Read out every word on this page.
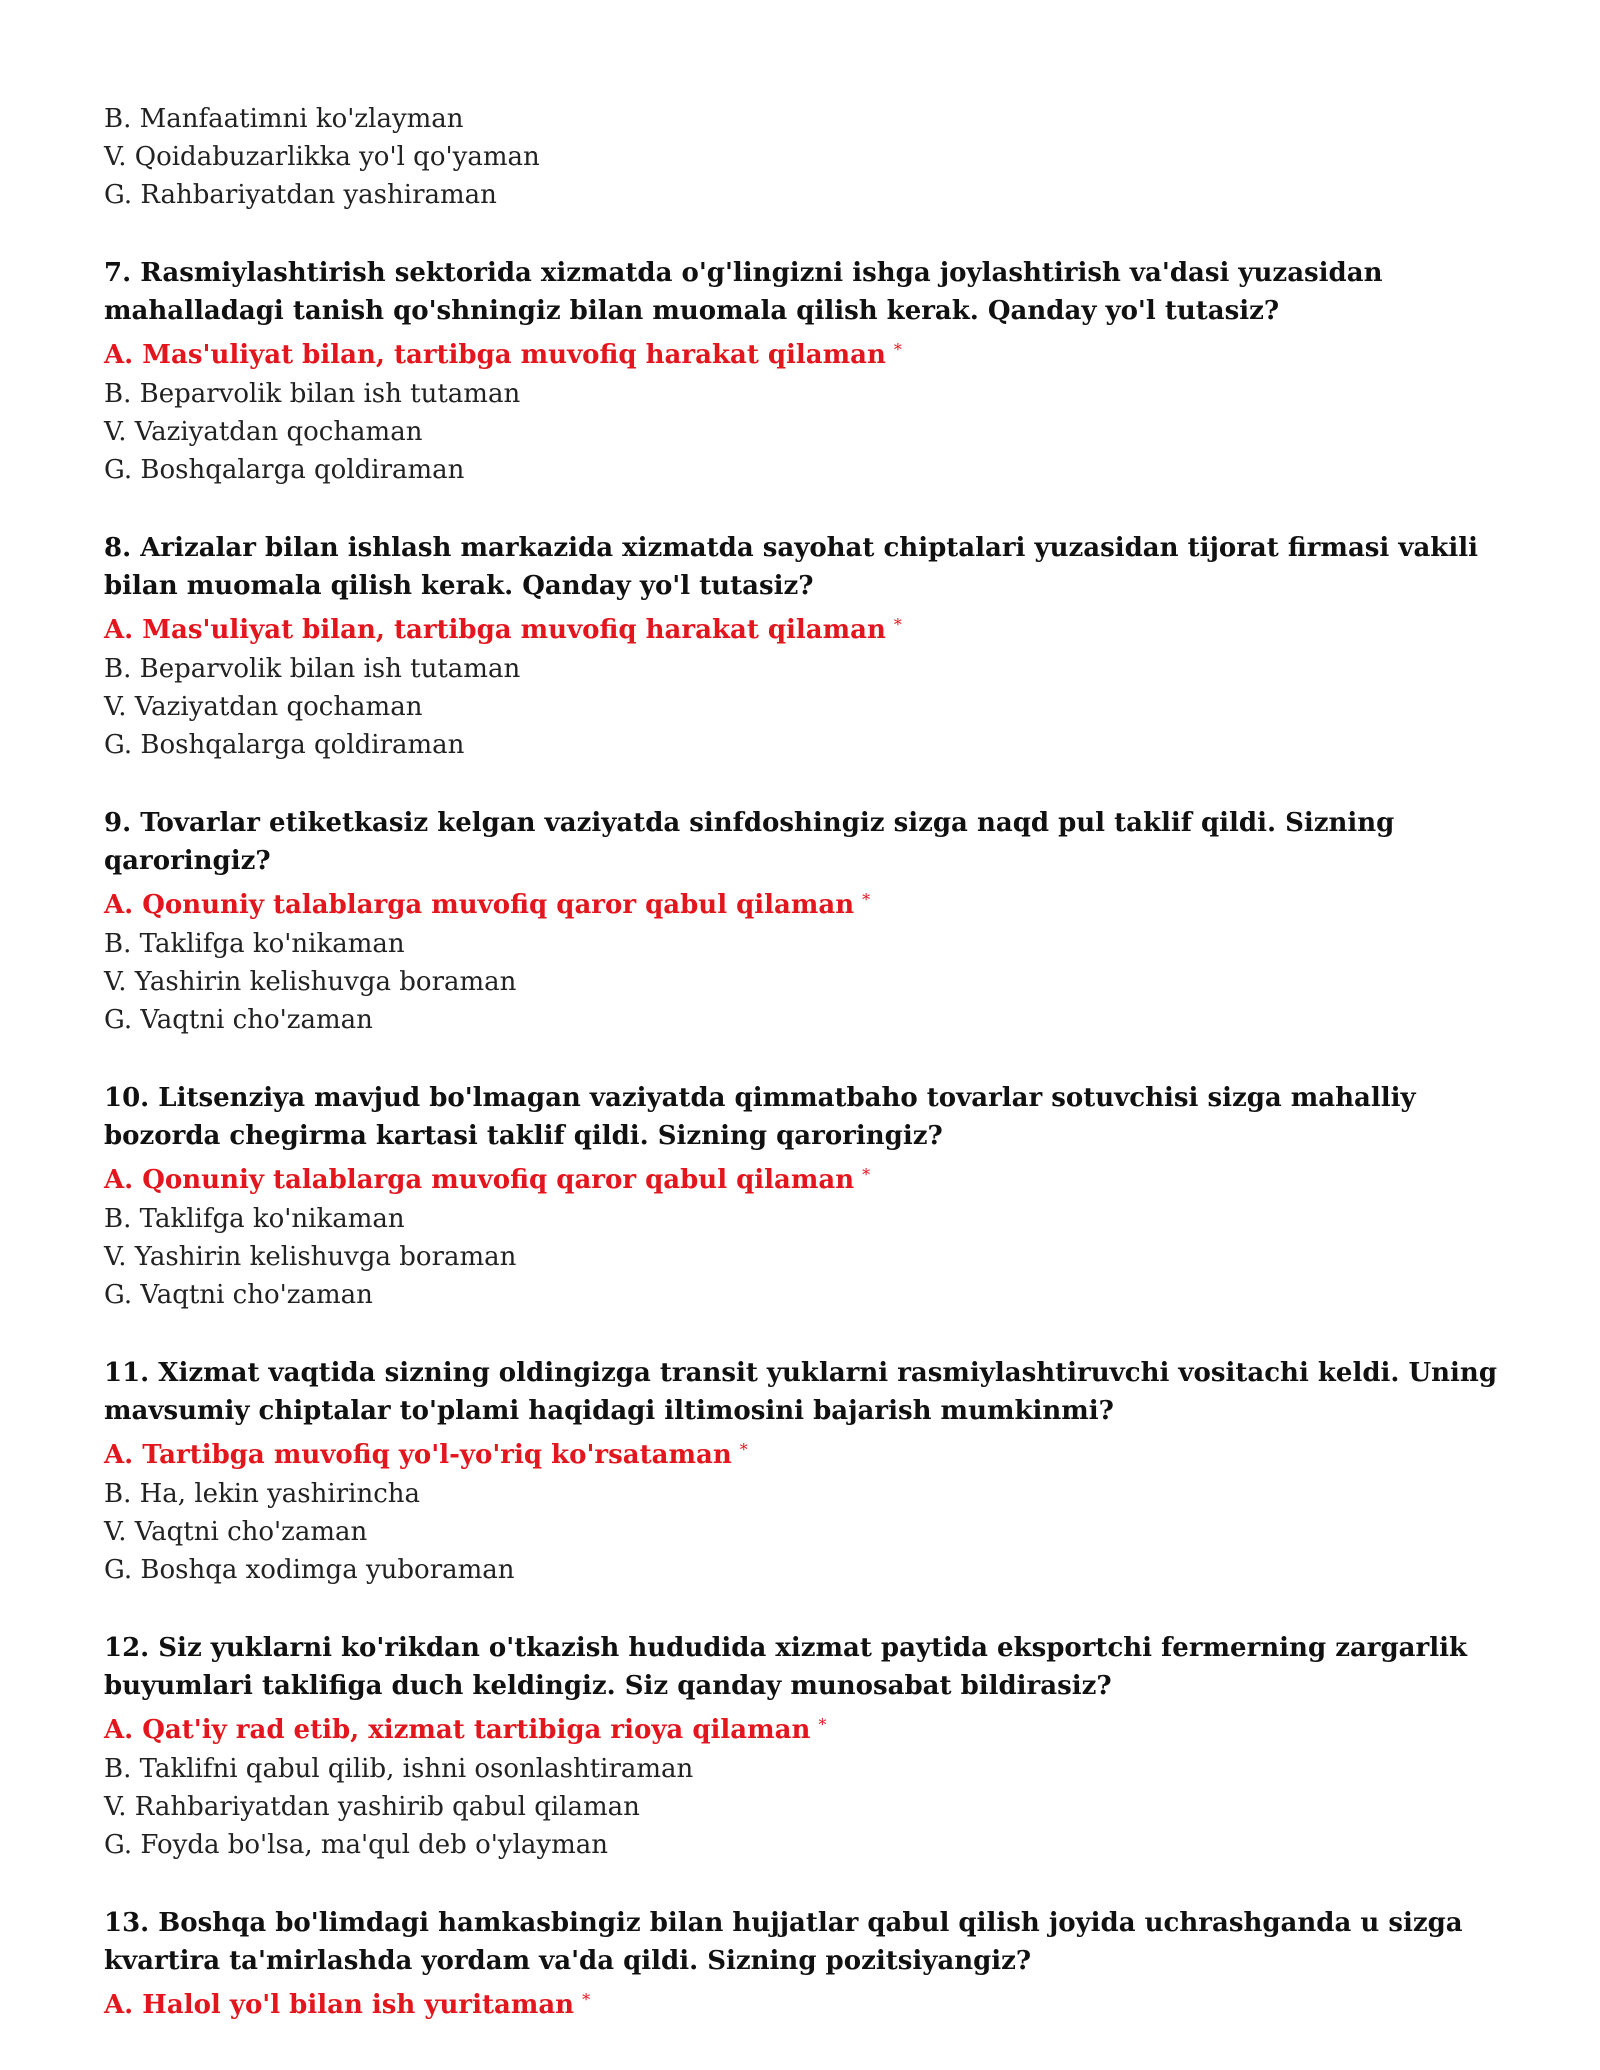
B. Manfaatimni ko'zlayman
V. Qoidabuzarlikka yo'l qo'yaman
G. Rahbariyatdan yashiraman
7. Rasmiylashtirish sektorida xizmatda o'g'lingizni ishga joylashtirish va'dasi yuzasidan mahalladagi tanish qo'shningiz bilan muomala qilish kerak. Qanday yo'l tutasiz?
A. Mas'uliyat bilan, tartibga muvofiq harakat qilaman *
B. Beparvolik bilan ish tutaman
V. Vaziyatdan qochaman
G. Boshqalarga qoldiraman
8. Arizalar bilan ishlash markazida xizmatda sayohat chiptalari yuzasidan tijorat firmasi vakili bilan muomala qilish kerak. Qanday yo'l tutasiz?
A. Mas'uliyat bilan, tartibga muvofiq harakat qilaman *
B. Beparvolik bilan ish tutaman
V. Vaziyatdan qochaman
G. Boshqalarga qoldiraman
9. Tovarlar etiketkasiz kelgan vaziyatda sinfdoshingiz sizga naqd pul taklif qildi. Sizning qaroringiz?
A. Qonuniy talablarga muvofiq qaror qabul qilaman *
B. Taklifga ko'nikaman
V. Yashirin kelishuvga boraman
G. Vaqtni cho'zaman
10. Litsenziya mavjud bo'lmagan vaziyatda qimmatbaho tovarlar sotuvchisi sizga mahalliy bozorda chegirma kartasi taklif qildi. Sizning qaroringiz?
A. Qonuniy talablarga muvofiq qaror qabul qilaman *
B. Taklifga ko'nikaman
V. Yashirin kelishuvga boraman
G. Vaqtni cho'zaman
11. Xizmat vaqtida sizning oldingizga transit yuklarni rasmiylashtiruvchi vositachi keldi. Uning mavsumiy chiptalar to'plami haqidagi iltimosini bajarish mumkinmi?
A. Tartibga muvofiq yo'l-yo'riq ko'rsataman *
B. Ha, lekin yashirincha
V. Vaqtni cho'zaman
G. Boshqa xodimga yuboraman
12. Siz yuklarni ko'rikdan o'tkazish hududida xizmat paytida eksportchi fermerning zargarlik buyumlari taklifiga duch keldingiz. Siz qanday munosabat bildirasiz?
A. Qat'iy rad etib, xizmat tartibiga rioya qilaman *
B. Taklifni qabul qilib, ishni osonlashtiraman
V. Rahbariyatdan yashirib qabul qilaman
G. Foyda bo'lsa, ma'qul deb o'ylayman
13. Boshqa bo'limdagi hamkasbingiz bilan hujjatlar qabul qilish joyida uchrashganda u sizga kvartira ta'mirlashda yordam va'da qildi. Sizning pozitsiyangiz?
A. Halol yo'l bilan ish yuritaman *
